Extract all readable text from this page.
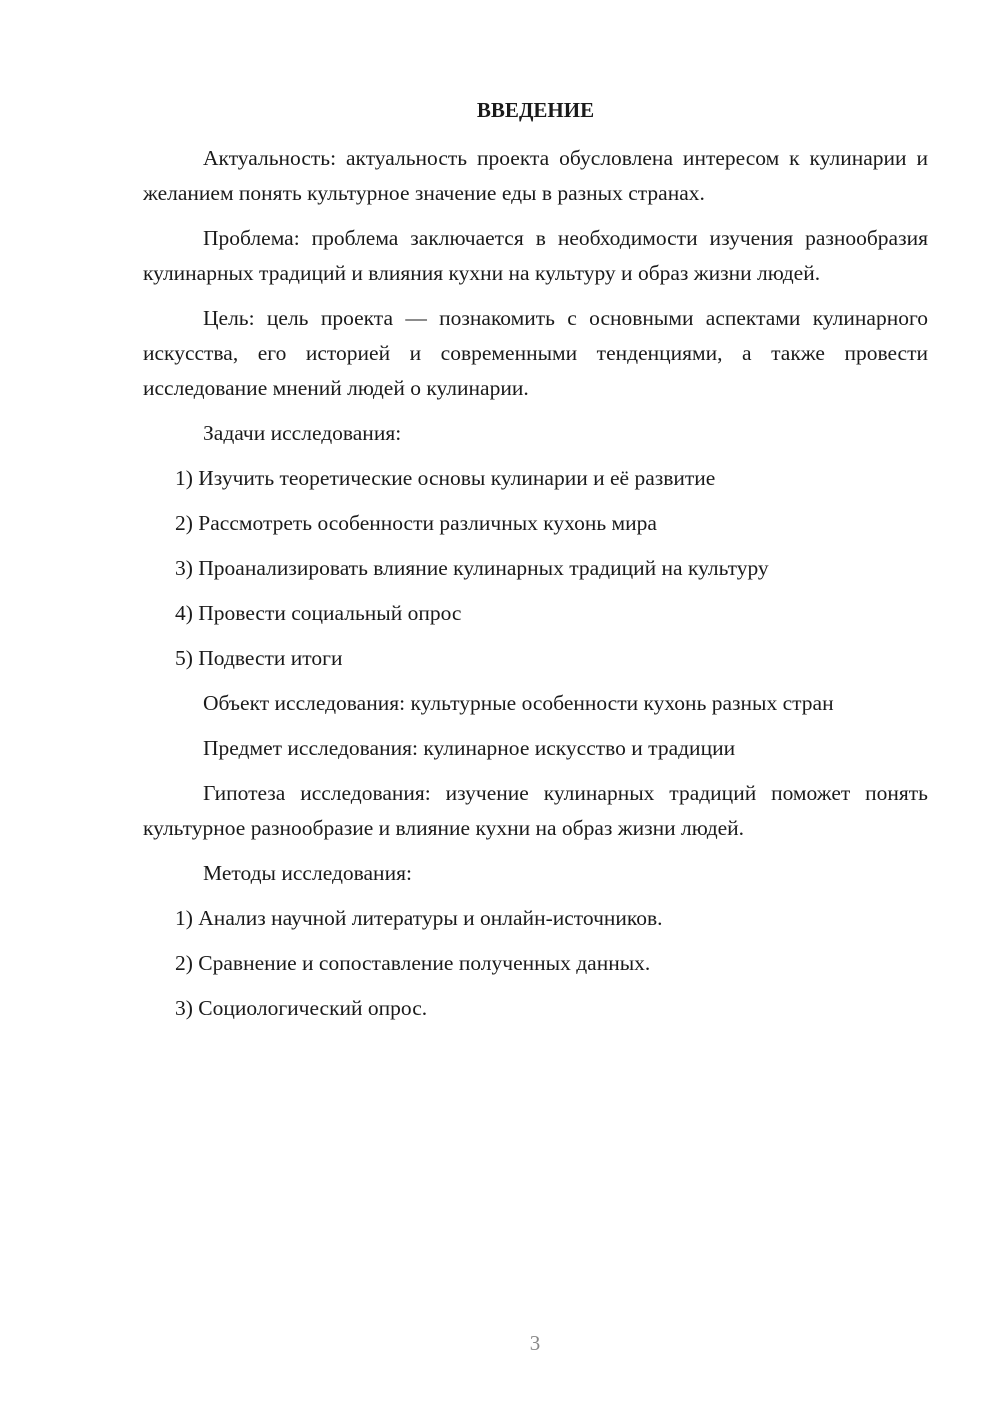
ВВЕДЕНИЕ

Актуальность: актуальность проекта обусловлена интересом к кулинарии и желанием понять культурное значение еды в разных странах.

Проблема: проблема заключается в необходимости изучения разнообразия кулинарных традиций и влияния кухни на культуру и образ жизни людей.

Цель: цель проекта — познакомить с основными аспектами кулинарного искусства, его историей и современными тенденциями, а также провести исследование мнений людей о кулинарии.

Задачи исследования:

1) Изучить теоретические основы кулинарии и её развитие
2) Рассмотреть особенности различных кухонь мира
3) Проанализировать влияние кулинарных традиций на культуру
4) Провести социальный опрос
5) Подвести итоги

Объект исследования: культурные особенности кухонь разных стран

Предмет исследования: кулинарное искусство и традиции

Гипотеза исследования: изучение кулинарных традиций поможет понять культурное разнообразие и влияние кухни на образ жизни людей.

Методы исследования:

1) Анализ научной литературы и онлайн-источников.
2) Сравнение и сопоставление полученных данных.
3) Социологический опрос.
3
